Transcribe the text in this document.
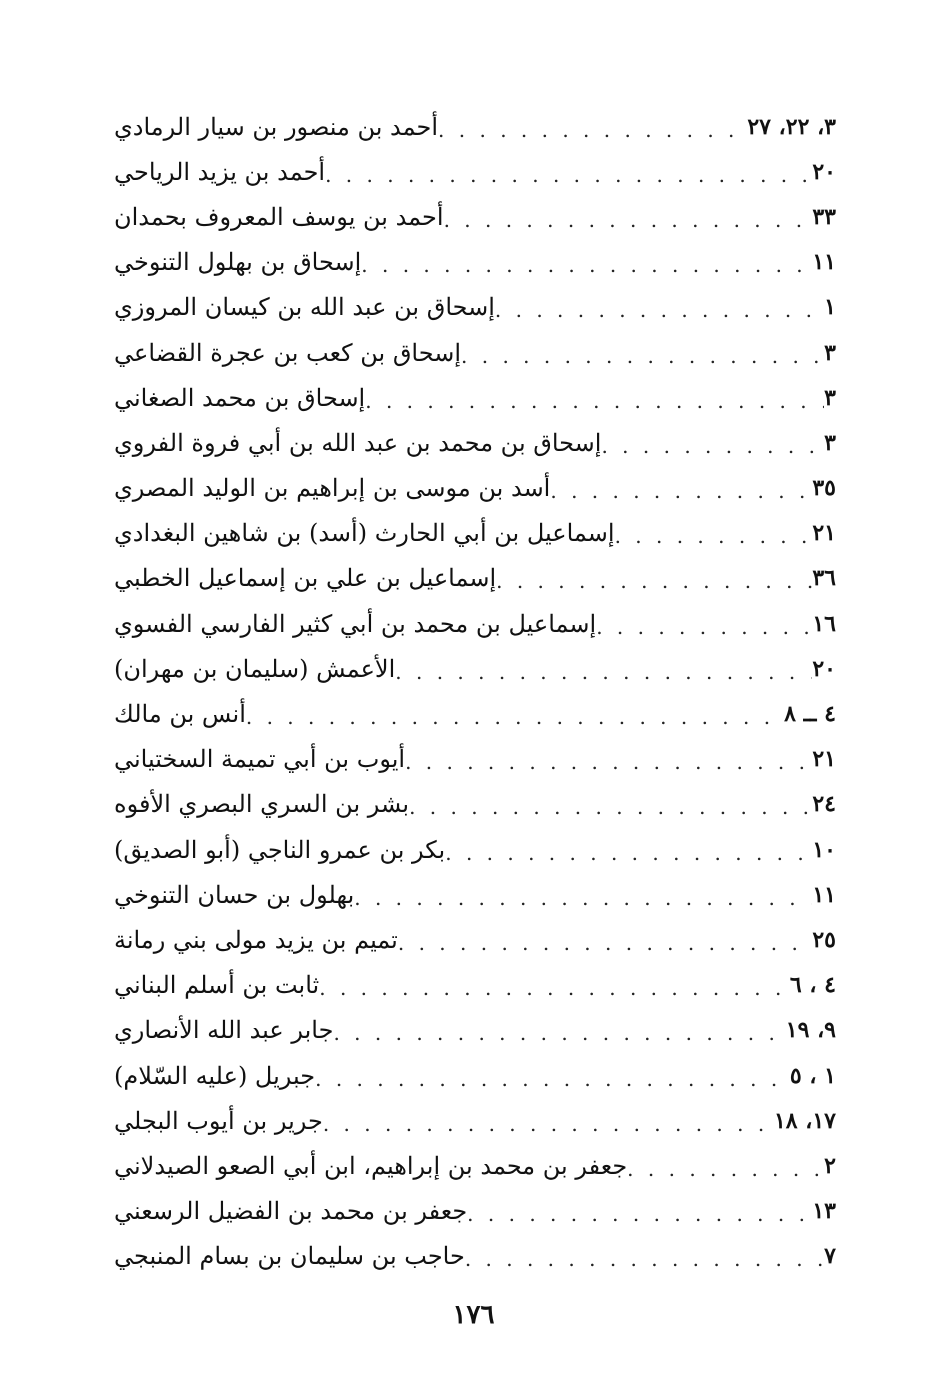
أحمد بن منصور بن سيار الرمادي . . .	٣، ٢٢، ٢٧
أحمد بن يزيد الرياحي . . .	٢٠
أحمد بن يوسف المعروف بحمدان . . .	٣٣
إسحاق بن بهلول التنوخي . . .	١١
إسحاق بن عبد الله بن كيسان المروزي . . .	١
إسحاق بن كعب بن عجرة القضاعي . . .	٣
إسحاق بن محمد الصغاني . . .	٣
إسحاق بن محمد بن عبد الله بن أبي فروة الفروي . . .	٣
أسد بن موسى بن إبراهيم بن الوليد المصري . . .	٣٥
إسماعيل بن أبي الحارث (أسد) بن شاهين البغدادي . . .	٢١
إسماعيل بن علي بن إسماعيل الخطبي . . .	٣٦
إسماعيل بن محمد بن أبي كثير الفارسي الفسوي . . .	١٦
الأعمش (سليمان بن مهران) . . .	٢٠
أنس بن مالك . . .	٤ ــ ٨
أيوب بن أبي تميمة السختياني . . .	٢١
بشر بن السري البصري الأفوه . . .	٢٤
بكر بن عمرو الناجي (أبو الصديق) . . .	١٠
بهلول بن حسان التنوخي . . .	١١
تميم بن يزيد مولى بني رمانة . . .	٢٥
ثابت بن أسلم البناني . . .	٤ ، ٦
جابر عبد الله الأنصاري . . .	٩، ١٩
جبريل (عليه السّلام) . . .	١ ، ٥
جرير بن أيوب البجلي . . .	١٧، ١٨
جعفر بن محمد بن إبراهيم، ابن أبي الصعو الصيدلاني . . .	٢
جعفر بن محمد بن الفضيل الرسعني . . .	١٣
حاجب بن سليمان بن بسام المنبجي . . .	٧
١٧٦
